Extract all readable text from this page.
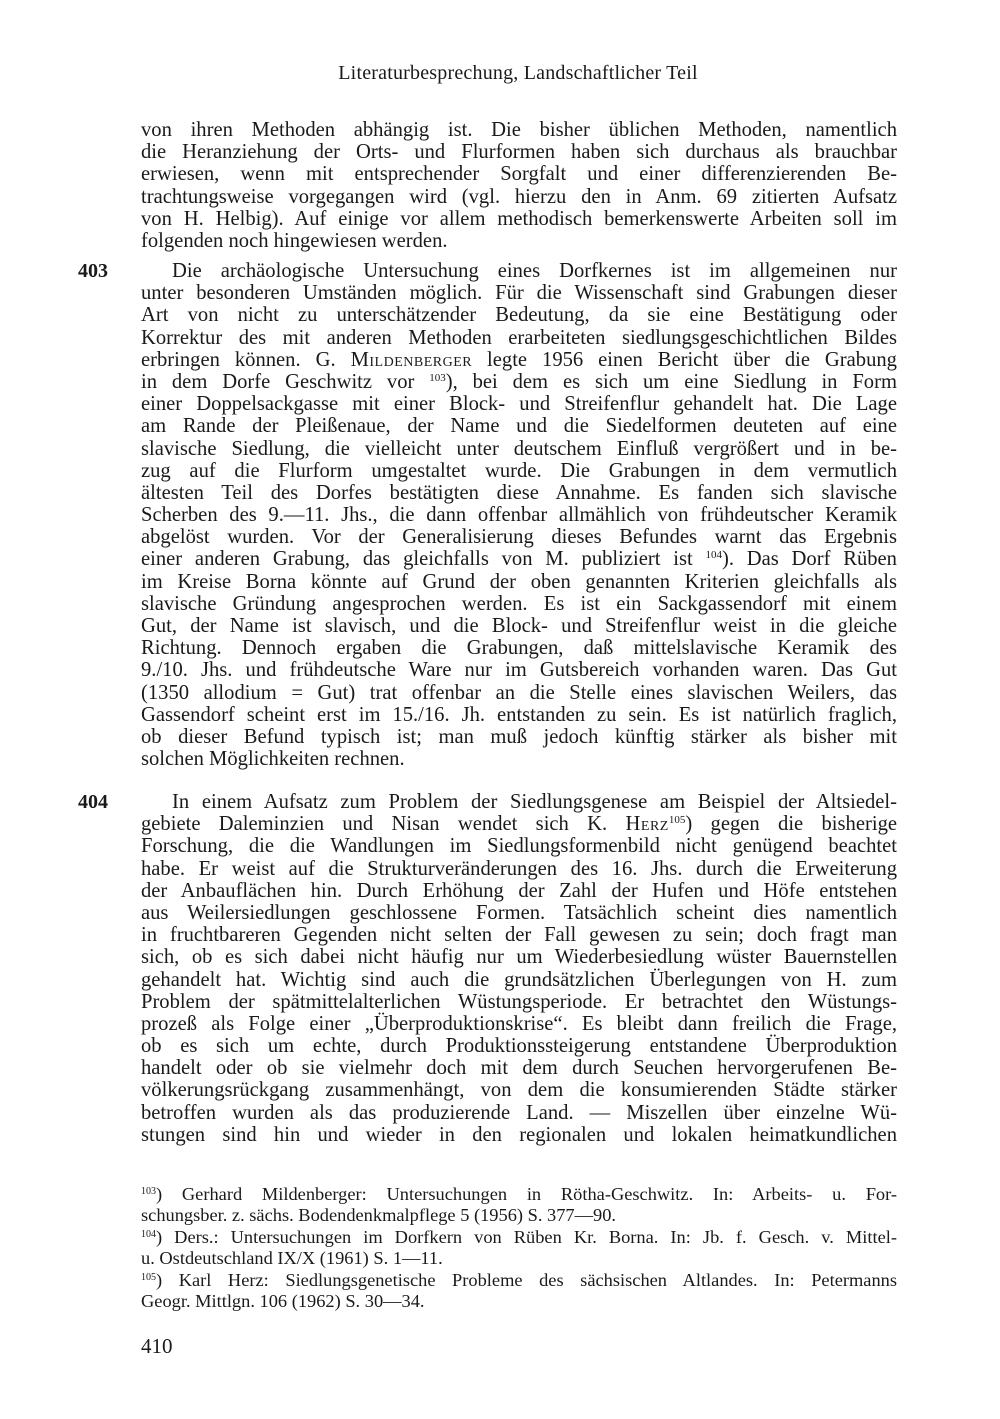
Literaturbesprechung, Landschaftlicher Teil
von ihren Methoden abhängig ist. Die bisher üblichen Methoden, namentlich
die Heranziehung der Orts- und Flurformen haben sich durchaus als brauchbar
erwiesen, wenn mit entsprechender Sorgfalt und einer differenzierenden Be-
trachtungsweise vorgegangen wird (vgl. hierzu den in Anm. 69 zitierten Aufsatz
von H. Helbig). Auf einige vor allem methodisch bemerkenswerte Arbeiten soll im
folgenden noch hingewiesen werden.
403	Die archäologische Untersuchung eines Dorfkernes ist im allgemeinen nur
unter besonderen Umständen möglich. Für die Wissenschaft sind Grabungen dieser
Art von nicht zu unterschätzender Bedeutung, da sie eine Bestätigung oder
Korrektur des mit anderen Methoden erarbeiteten siedlungsgeschichtlichen Bildes
erbringen können. G. Mildenberger legte 1956 einen Bericht über die Grabung
in dem Dorfe Geschwitz vor $^{103}$), bei dem es sich um eine Siedlung in Form
einer Doppelsackgasse mit einer Block- und Streifenflur gehandelt hat. Die Lage
am Rande der Pleißenaue, der Name und die Siedelformen deuteten auf eine
slavische Siedlung, die vielleicht unter deutschem Einfluß vergrößert und in be-
zug auf die Flurform umgestaltet wurde. Die Grabungen in dem vermutlich
ältesten Teil des Dorfes bestätigten diese Annahme. Es fanden sich slavische
Scherben des 9.—11. Jhs., die dann offenbar allmählich von frühdeutscher Keramik
abgelöst wurden. Vor der Generalisierung dieses Befundes warnt das Ergebnis
einer anderen Grabung, das gleichfalls von M. publiziert ist $^{104}$). Das Dorf Rüben
im Kreise Borna könnte auf Grund der oben genannten Kriterien gleichfalls als
slavische Gründung angesprochen werden. Es ist ein Sackgassendorf mit einem
Gut, der Name ist slavisch, und die Block- und Streifenflur weist in die gleiche
Richtung. Dennoch ergaben die Grabungen, daß mittelslavische Keramik des
9./10. Jhs. und frühdeutsche Ware nur im Gutsbereich vorhanden waren. Das Gut
(1350 allodium = Gut) trat offenbar an die Stelle eines slavischen Weilers, das
Gassendorf scheint erst im 15./16. Jh. entstanden zu sein. Es ist natürlich fraglich,
ob dieser Befund typisch ist; man muß jedoch künftig stärker als bisher mit
solchen Möglichkeiten rechnen.
404	In einem Aufsatz zum Problem der Siedlungsgenese am Beispiel der Altsiedel-
gebiete Daleminzien und Nisan wendet sich K. Herz$^{105}$) gegen die bisherige
Forschung, die die Wandlungen im Siedlungsformenbild nicht genügend beachtet
habe. Er weist auf die Strukturveränderungen des 16. Jhs. durch die Erweiterung
der Anbauflächen hin. Durch Erhöhung der Zahl der Hufen und Höfe entstehen
aus Weilersiedlungen geschlossene Formen. Tatsächlich scheint dies namentlich
in fruchtbareren Gegenden nicht selten der Fall gewesen zu sein; doch fragt man
sich, ob es sich dabei nicht häufig nur um Wiederbesiedlung wüster Bauernstellen
gehandelt hat. Wichtig sind auch die grundsätzlichen Überlegungen von H. zum
Problem der spätmittelalterlichen Wüstungsperiode. Er betrachtet den Wüstungs-
prozeß als Folge einer „Überproduktionskrise“. Es bleibt dann freilich die Frage,
ob es sich um echte, durch Produktionssteigerung entstandene Überproduktion
handelt oder ob sie vielmehr doch mit dem durch Seuchen hervorgerufenen Be-
völkerungsrückgang zusammenhängt, von dem die konsumierenden Städte stärker
betroffen wurden als das produzierende Land. — Miszellen über einzelne Wü-
stungen sind hin und wieder in den regionalen und lokalen heimatkundlichen
$^{103}$) Gerhard Mildenberger: Untersuchungen in Rötha-Geschwitz. In: Arbeits- u. For-
schungsber. z. sächs. Bodendenkmalpflege 5 (1956) S. 377—90.
$^{104}$) Ders.: Untersuchungen im Dorfkern von Rüben Kr. Borna. In: Jb. f. Gesch. v. Mittel-
u. Ostdeutschland IX/X (1961) S. 1—11.
$^{105}$) Karl Herz: Siedlungsgenetische Probleme des sächsischen Altlandes. In: Petermanns
Geogr. Mittlgn. 106 (1962) S. 30—34.
410
